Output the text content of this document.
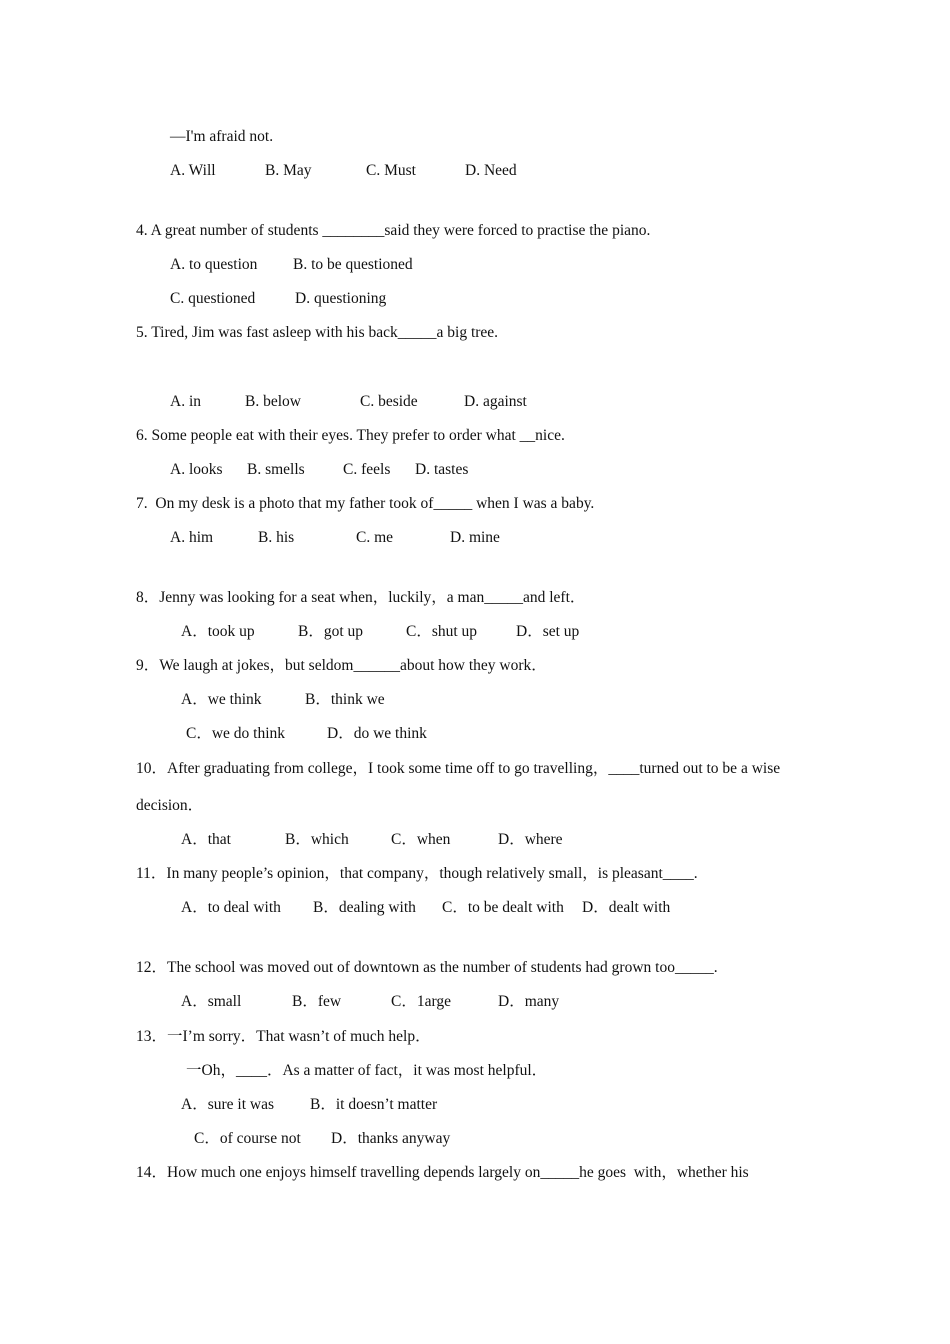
—I'm afraid not.
A. Will	B. May	C. Must	D. Need
4. A great number of students ________said they were forced to practise the piano.
A. to question B. to be questioned
C. questioned	D. questioning
5. Tired, Jim was fast asleep with his back_____a big tree.
A. in	B. below	C. beside	D. against
6. Some people eat with their eyes. They prefer to order what __nice.
A. looks B. smells C. feels D. tastes
7.  On my desk is a photo that my father took of_____ when I was a baby.
A. him	B. his	C. me	D. mine
8．Jenny was looking for a seat when，luckily，a man_____and left．
A．took up	B．got up	C．shut up	D．set up
9．We laugh at jokes，but seldom______about how they work．
A．we think	B．think we
C．we do think	D．do we think
10．After graduating from college，I took some time off to go travelling，____turned out to be a wise
decision．
A．that	B．which	C．when	D．where
11．In many people’s opinion，that company，though relatively small，is pleasant____.
A．to deal with B．dealing with C．to be dealt with D．dealt with
12．The school was moved out of downtown as the number of students had grown too_____.
A．small	B．few	C．1arge	D．many
13．一I’m sorry．That wasn’t of much help．
一Oh，____．As a matter of fact，it was most helpful．
A．sure it was B．it doesn’t matter
C．of course not D．thanks anyway
14．How much one enjoys himself travelling depends largely on_____he goes  with，whether his
